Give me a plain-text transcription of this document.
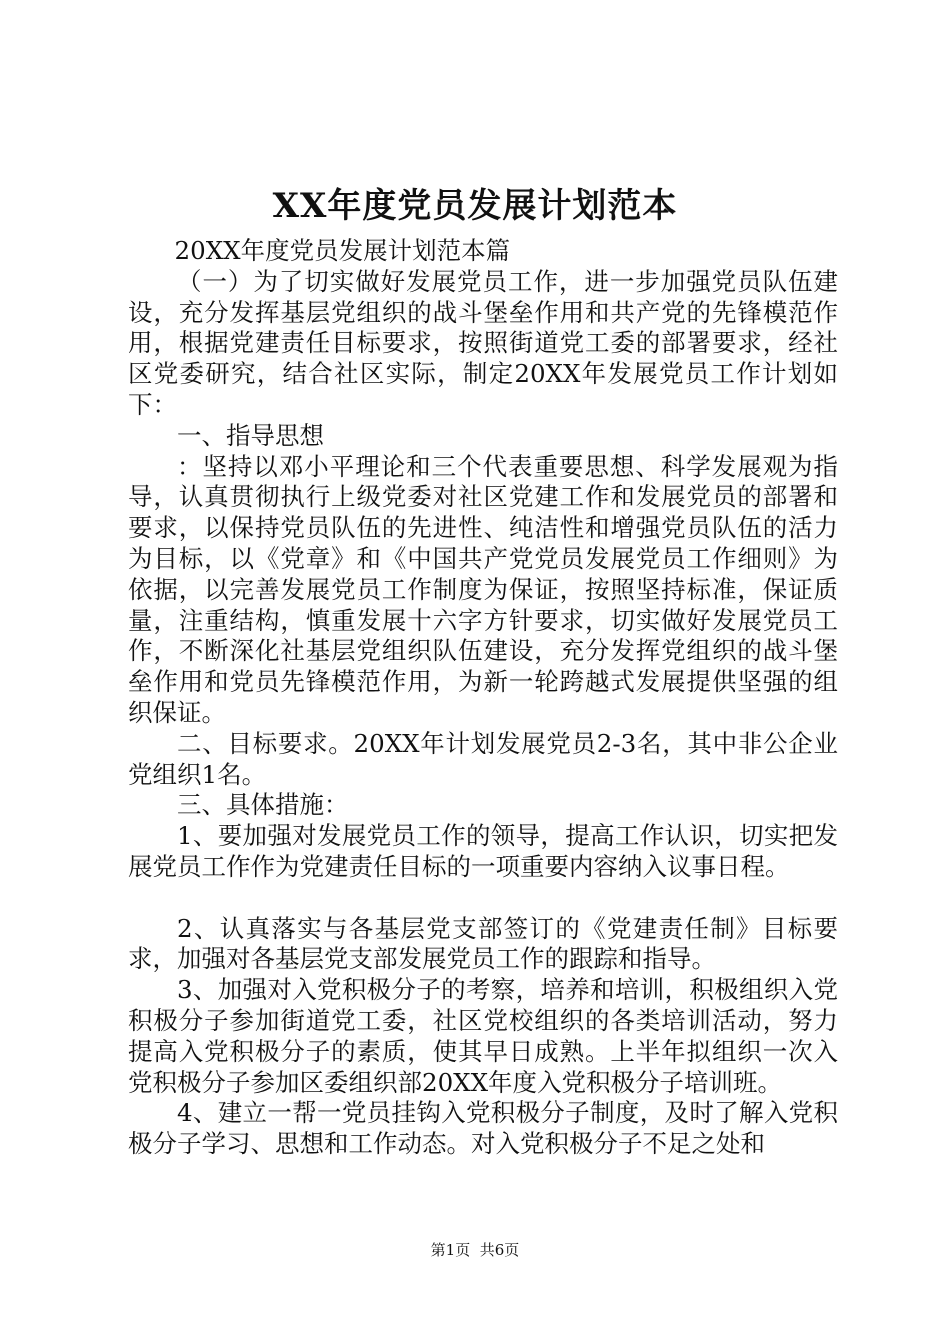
XX年度党员发展计划范本

20XX年度党员发展计划范本篇

（一）为了切实做好发展党员工作，进一步加强党员队伍建设，充分发挥基层党组织的战斗堡垒作用和共产党的先锋模范作用，根据党建责任目标要求，按照街道党工委的部署要求，经社区党委研究，结合社区实际，制定20XX年发展党员工作计划如下：

一、指导思想

：坚持以邓小平理论和三个代表重要思想、科学发展观为指导，认真贯彻执行上级党委对社区党建工作和发展党员的部署和要求，以保持党员队伍的先进性、纯洁性和增强党员队伍的活力为目标，以《党章》和《中国共产党党员发展党员工作细则》为依据，以完善发展党员工作制度为保证，按照坚持标准，保证质量，注重结构，慎重发展十六字方针要求，切实做好发展党员工作，不断深化社基层党组织队伍建设，充分发挥党组织的战斗堡垒作用和党员先锋模范作用，为新一轮跨越式发展提供坚强的组织保证。

二、目标要求。20XX年计划发展党员2-3名，其中非公企业党组织1名。

三、具体措施：

1、要加强对发展党员工作的领导，提高工作认识，切实把发展党员工作作为党建责任目标的一项重要内容纳入议事日程。

2、认真落实与各基层党支部签订的《党建责任制》目标要求，加强对各基层党支部发展党员工作的跟踪和指导。

3、加强对入党积极分子的考察，培养和培训，积极组织入党积极分子参加街道党工委，社区党校组织的各类培训活动，努力提高入党积极分子的素质，使其早日成熟。上半年拟组织一次入党积极分子参加区委组织部20XX年度入党积极分子培训班。

4、建立一帮一党员挂钩入党积极分子制度，及时了解入党积极分子学习、思想和工作动态。对入党积极分子不足之处和

第1页 共6页
